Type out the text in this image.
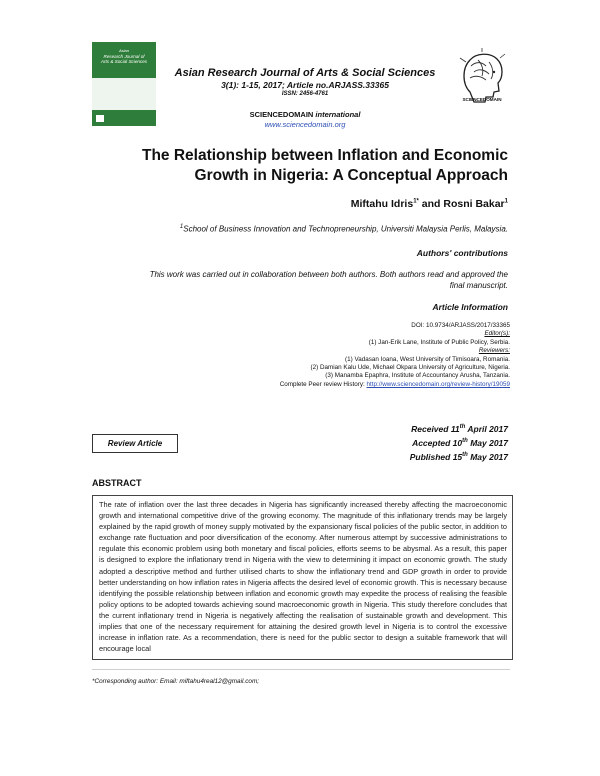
Asian
Research Journal of
Arts & Social Sciences
Asian Research Journal of Arts & Social Sciences
3(1): 1-15, 2017; Article no.ARJASS.33365
ISSN: 2456-4761
SCIENCEDOMAIN international
www.sciencedomain.org
SCIENCEDOMAIN
The Relationship between Inflation and Economic
Growth in Nigeria: A Conceptual Approach
Miftahu Idris$^{1*}$ and Rosni Bakar$^1$
$^1$School of Business Innovation and Technopreneurship, Universiti Malaysia Perlis, Malaysia.
Authors' contributions
This work was carried out in collaboration between both authors. Both authors read and approved the
final manuscript.
Article Information
DOI: 10.9734/ARJASS/2017/33365
Editor(s):
(1) Jan-Erik Lane, Institute of Public Policy, Serbia.
Reviewers:
(1) Vadasan Ioana, West University of Timisoara, Romania.
(2) Damian Kalu Ude, Michael Okpara University of Agriculture, Nigeria.
(3) Manamba Epaphra, Institute of Accountancy Arusha, Tanzania.
Complete Peer review History: http://www.sciencedomain.org/review-history/19059
Review Article
Received 11th April 2017
Accepted 10th May 2017
Published 15th May 2017
ABSTRACT
The rate of inflation over the last three decades in Nigeria has significantly increased thereby affecting the macroeconomic growth and international competitive drive of the growing economy. The magnitude of this inflationary trends may be largely explained by the rapid growth of money supply motivated by the expansionary fiscal policies of the public sector, in addition to exchange rate fluctuation and poor diversification of the economy. After numerous attempt by successive administrations to regulate this economic problem using both monetary and fiscal policies, efforts seems to be abysmal. As a result, this paper is designed to explore the inflationary trend in Nigeria with the view to determining it impact on economic growth. The study adopted a descriptive method and further utilised charts to show the inflationary trend and GDP growth in order to provide better understanding on how inflation rates in Nigeria affects the desired level of economic growth. This is necessary because identifying the possible relationship between inflation and economic growth may expedite the process of realising the feasible policy options to be adopted towards achieving sound macroeconomic growth in Nigeria. This study therefore concludes that the current inflationary trend in Nigeria is negatively affecting the realisation of sustainable growth and development. This implies that one of the necessary requirement for attaining the desired growth level in Nigeria is to control the excessive increase in inflation rate. As a recommendation, there is need for the public sector to design a suitable framework that will encourage local
*Corresponding author: Email: miftahu4real12@gmail.com;
